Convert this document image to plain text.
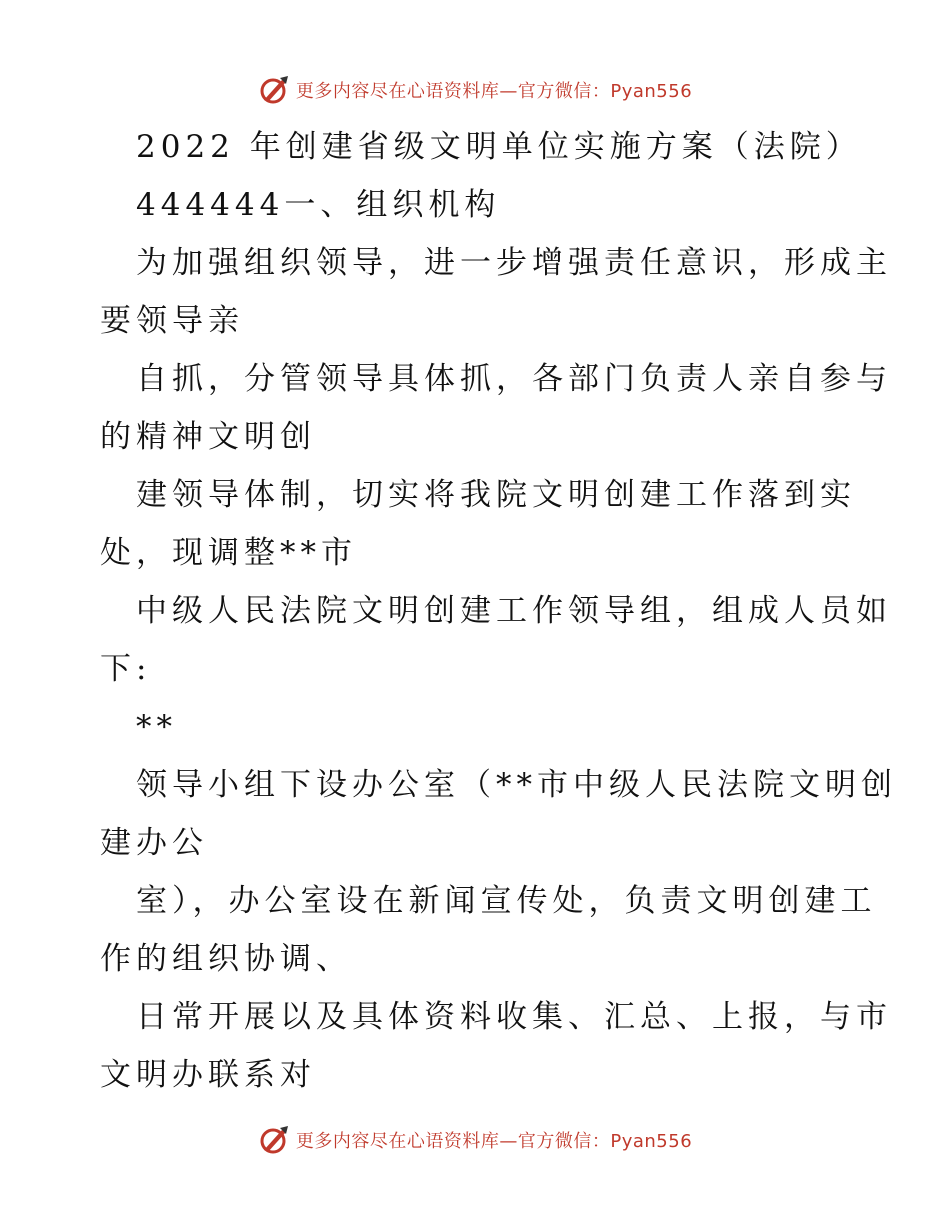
更多内容尽在心语资料库—官方微信：Pyan556
2022 年创建省级文明单位实施方案（法院）
444444一、组织机构
为加强组织领导，进一步增强责任意识，形成主
要领导亲
自抓，分管领导具体抓，各部门负责人亲自参与
的精神文明创
建领导体制，切实将我院文明创建工作落到实
处，现调整**市
中级人民法院文明创建工作领导组，组成人员如
下:
**
领导小组下设办公室（**市中级人民法院文明创
建办公
室），办公室设在新闻宣传处，负责文明创建工
作的组织协调、
日常开展以及具体资料收集、汇总、上报，与市
文明办联系对
更多内容尽在心语资料库—官方微信：Pyan556
